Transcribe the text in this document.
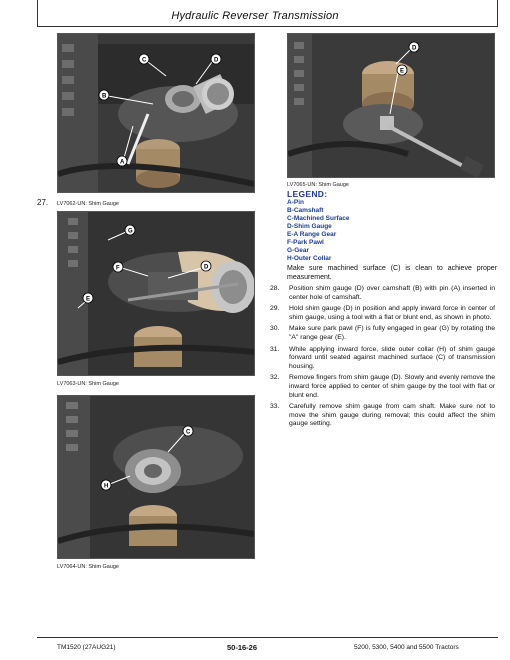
Hydraulic Reverser Transmission
C	D
B
A
27. LV7062-UN: Shim Gauge
G
F	D
E
LV7063-UN: Shim Gauge
C
H
LV7064-UN: Shim Gauge
D
E
LV7065-UN: Shim Gauge
LEGEND:
A-Pin
B-Camshaft
C-Machined Surface
D-Shim Gauge
E-A Range Gear
F-Park Pawl
G-Gear
H-Outer Collar
Make sure machined surface (C) is clean to achieve proper measurement.
28.	Position shim gauge (D) over camshaft (B) with pin (A) inserted in center hole of camshaft.
29.	Hold shim gauge (D) in position and apply inward force in center of shim gauge, using a tool with a flat or blunt end, as shown in photo.
30.	Make sure park pawl (F) is fully engaged in gear (G) by rotating the "A" range gear (E).
31.	While applying inward force, slide outer collar (H) of shim gauge forward until seated against machined surface (C) of transmission housing.
32.	Remove fingers from shim gauge (D). Slowly and evenly remove the inward force applied to center of shim gauge by the tool with flat or blunt end.
33.	Carefully remove shim gauge from cam shaft. Make sure not to move the shim gauge during removal; this could affect the shim gauge setting.
TM1520 (27AUG21)	50-16-26	5200, 5300, 5400 and 5500 Tractors
